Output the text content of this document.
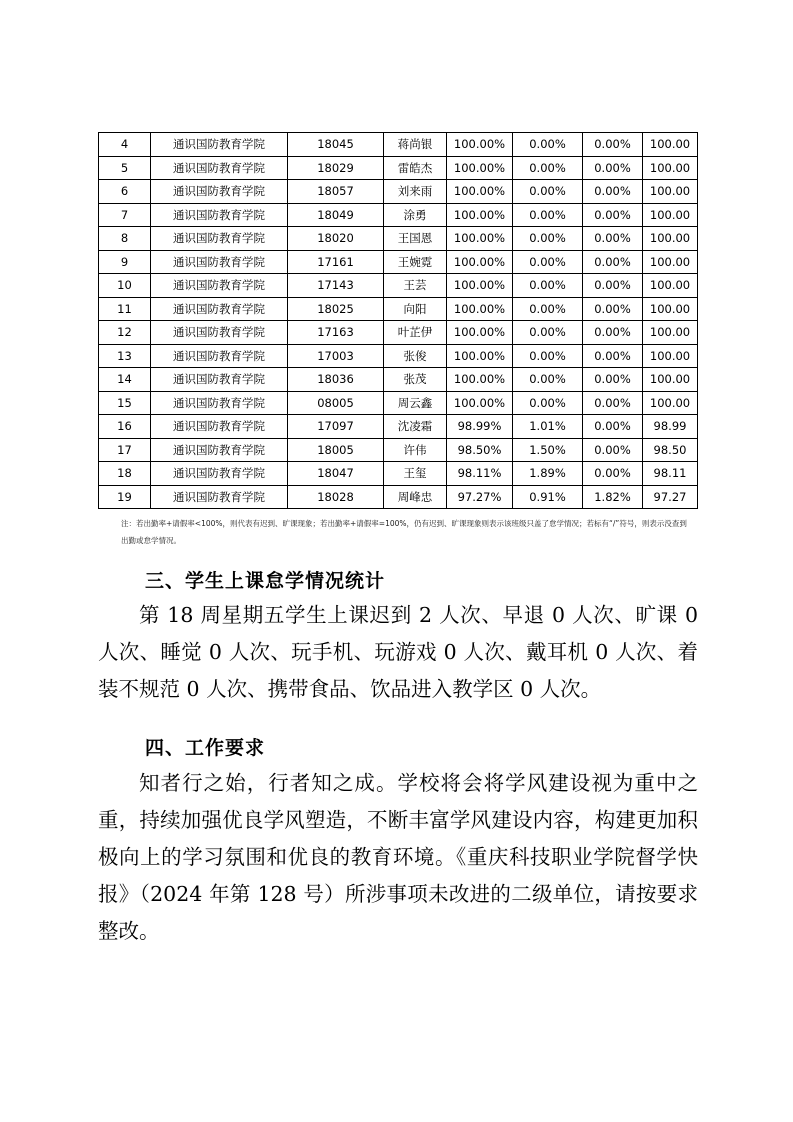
4	通识国防教育学院	18045	蒋尚银	100.00%	0.00%	0.00%	100.00
5	通识国防教育学院	18029	雷皓杰	100.00%	0.00%	0.00%	100.00
6	通识国防教育学院	18057	刘来雨	100.00%	0.00%	0.00%	100.00
7	通识国防教育学院	18049	涂勇	100.00%	0.00%	0.00%	100.00
8	通识国防教育学院	18020	王国恩	100.00%	0.00%	0.00%	100.00
9	通识国防教育学院	17161	王婉霓	100.00%	0.00%	0.00%	100.00
10	通识国防教育学院	17143	王芸	100.00%	0.00%	0.00%	100.00
11	通识国防教育学院	18025	向阳	100.00%	0.00%	0.00%	100.00
12	通识国防教育学院	17163	叶芷伊	100.00%	0.00%	0.00%	100.00
13	通识国防教育学院	17003	张俊	100.00%	0.00%	0.00%	100.00
14	通识国防教育学院	18036	张茂	100.00%	0.00%	0.00%	100.00
15	通识国防教育学院	08005	周云鑫	100.00%	0.00%	0.00%	100.00
16	通识国防教育学院	17097	沈凌霜	98.99%	1.01%	0.00%	98.99
17	通识国防教育学院	18005	许伟	98.50%	1.50%	0.00%	98.50
18	通识国防教育学院	18047	王玺	98.11%	1.89%	0.00%	98.11
19	通识国防教育学院	18028	周峰忠	97.27%	0.91%	1.82%	97.27
注：若出勤率+请假率<100%，则代表有迟到、旷课现象；若出勤率+请假率=100%，仍有迟到、旷课现象则表示该班级只盖了怠学情况；若标有“/”符号，则表示没查到出勤或怠学情况。
三、学生上课怠学情况统计
第 18 周星期五学生上课迟到 2 人次、早退 0 人次、旷课 0 人次、睡觉 0 人次、玩手机、玩游戏 0 人次、戴耳机 0 人次、着装不规范 0 人次、携带食品、饮品进入教学区 0 人次。
四、工作要求
知者行之始，行者知之成。学校将会将学风建设视为重中之重，持续加强优良学风塑造，不断丰富学风建设内容，构建更加积极向上的学习氛围和优良的教育环境。《重庆科技职业学院督学快报》（2024 年第 128 号）所涉事项未改进的二级单位，请按要求整改。
